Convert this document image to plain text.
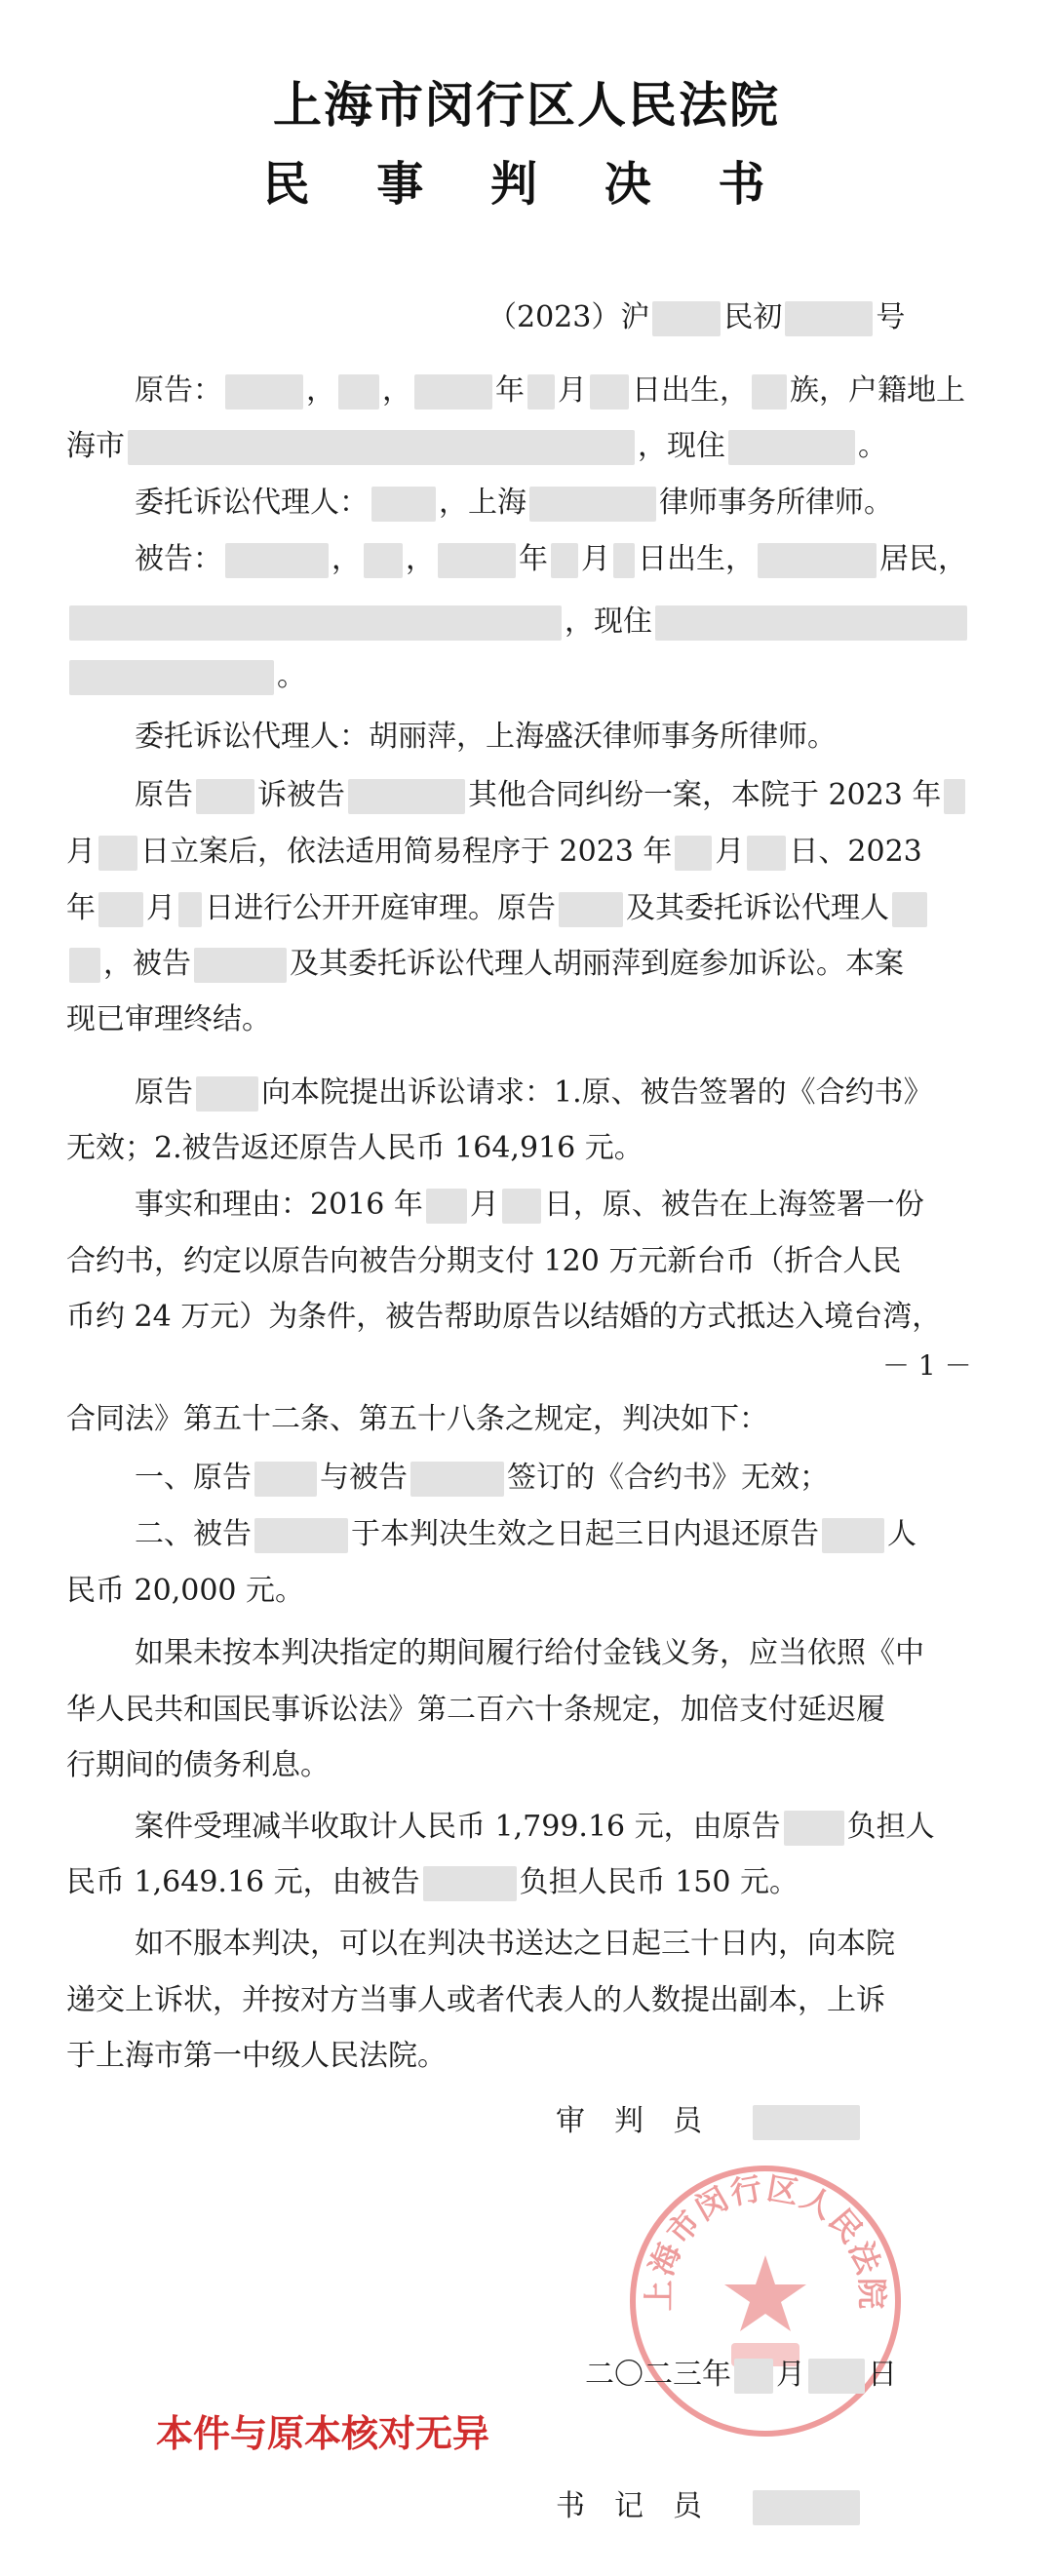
上海市闵行区人民法院
民 事 判 决 书
（2023）沪	民初	号
原告：	， ，	年 月 日出生， 族，户籍地上
海市	，现住	。
委托诉讼代理人： ，上海	律师事务所律师。
被告：	， ，	年 月 日出生，	居民，
，现住
。
委托诉讼代理人：胡丽萍，上海盛沃律师事务所律师。
原告 诉被告	其他合同纠纷一案，本院于 2023 年
月 日立案后，依法适用简易程序于 2023 年 月 日、2023
年 月 日进行公开开庭审理。原告 及其委托诉讼代理人
，被告	及其委托诉讼代理人胡丽萍到庭参加诉讼。本案
现已审理终结。
原告 向本院提出诉讼请求：1.原、被告签署的《合约书》
无效；2.被告返还原告人民币 164,916 元。
事实和理由：2016 年 月 日，原、被告在上海签署一份
合约书，约定以原告向被告分期支付 120 万元新台币（折合人民
币约 24 万元）为条件，被告帮助原告以结婚的方式抵达入境台湾，
－ 1 －
合同法》第五十二条、第五十八条之规定，判决如下：
一、原告 与被告	签订的《合约书》无效；
二、被告	于本判决生效之日起三日内退还原告 人
民币 20,000 元。
如果未按本判决指定的期间履行给付金钱义务，应当依照《中
华人民共和国民事诉讼法》第二百六十条规定，加倍支付延迟履
行期间的债务利息。
案件受理减半收取计人民币 1,799.16 元，由原告 负担人
民币 1,649.16 元，由被告	负担人民币 150 元。
如不服本判决，可以在判决书送达之日起三十日内，向本院
递交上诉状，并按对方当事人或者代表人的人数提出副本，上诉
于上海市第一中级人民法院。
审　判　员
上海市闵行区人民法院
二〇二三年 月 日
本件与原本核对无异
书　记　员
